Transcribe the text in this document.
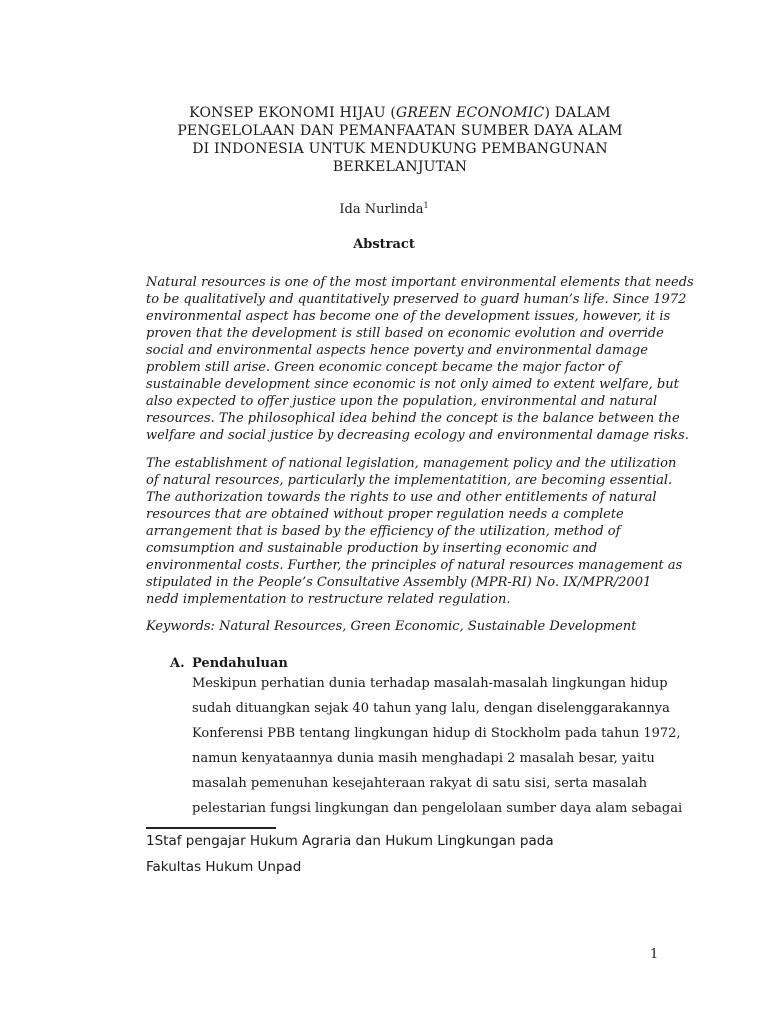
KONSEP EKONOMI HIJAU (GREEN ECONOMIC) DALAM
PENGELOLAAN DAN PEMANFAATAN SUMBER DAYA ALAM
DI INDONESIA UNTUK MENDUKUNG PEMBANGUNAN
BERKELANJUTAN
Ida Nurlinda$^1$
Abstract
Natural resources is one of the most important environmental elements that needs
to be qualitatively and quantitatively preserved to guard human’s life. Since 1972
environmental aspect has become one of the development issues, however, it is
proven that the development is still based on economic evolution and override
social and environmental aspects hence poverty and environmental damage
problem still arise. Green economic concept became the major factor of
sustainable development since economic is not only aimed to extent welfare, but
also expected to offer justice upon the population, environmental and natural
resources. The philosophical idea behind the concept is the balance between the
welfare and social justice by decreasing ecology and environmental damage risks.
The establishment of national legislation, management policy and the utilization
of natural resources, particularly the implementatition, are becoming essential.
The authorization towards the rights to use and other entitlements of natural
resources that are obtained without proper regulation needs a complete
arrangement that is based by the efficiency of the utilization, method of
comsumption and sustainable production by inserting economic and
environmental costs. Further, the principles of natural resources management as
stipulated in the People’s Consultative Assembly (MPR-RI) No. IX/MPR/2001
nedd implementation to restructure related regulation.
Keywords: Natural Resources, Green Economic, Sustainable Development
A. Pendahuluan
Meskipun perhatian dunia terhadap masalah-masalah lingkungan hidup
sudah dituangkan sejak 40 tahun yang lalu, dengan diselenggarakannya
Konferensi PBB tentang lingkungan hidup di Stockholm pada tahun 1972,
namun kenyataannya dunia masih menghadapi 2 masalah besar, yaitu
masalah pemenuhan kesejahteraan rakyat di satu sisi, serta masalah
pelestarian fungsi lingkungan dan pengelolaan sumber daya alam sebagai
1Staf pengajar Hukum Agraria dan Hukum Lingkungan pada
Fakultas Hukum Unpad
1
